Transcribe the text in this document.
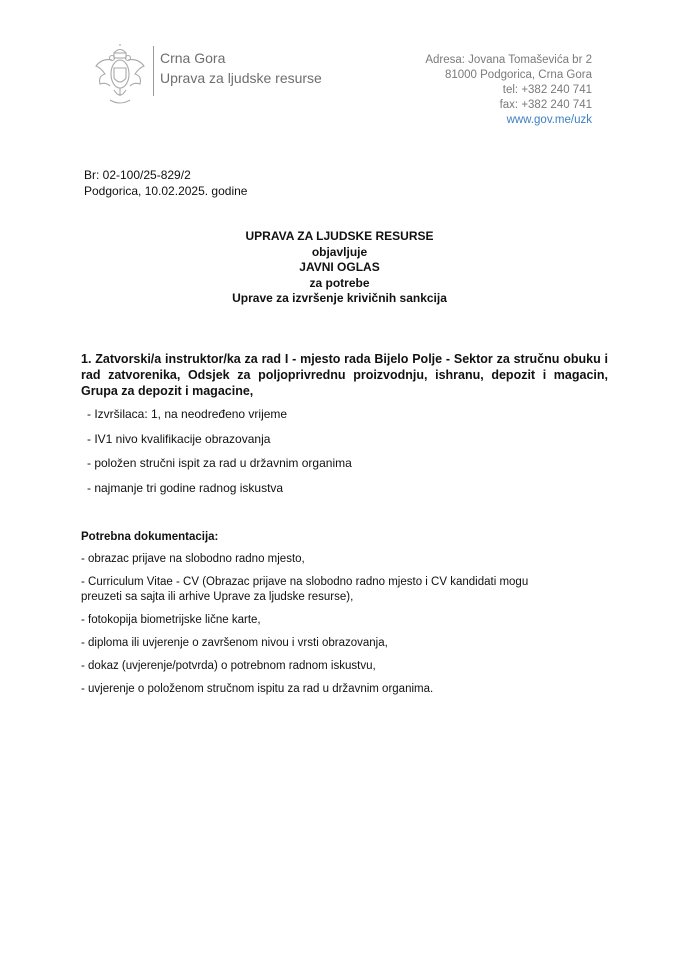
Crna Gora
Uprava za ljudske resurse
Adresa: Jovana Tomaševića br 2
81000 Podgorica, Crna Gora
tel: +382 240 741
fax: +382 240 741
www.gov.me/uzk
Br: 02-100/25-829/2
Podgorica, 10.02.2025. godine
UPRAVA ZA LJUDSKE RESURSE
objavljuje
JAVNI OGLAS
za potrebe
Uprave za izvršenje krivičnih sankcija
1. Zatvorski/a instruktor/ka za rad I - mjesto rada Bijelo Polje - Sektor za stručnu obuku i rad zatvorenika, Odsjek za poljoprivrednu proizvodnju, ishranu, depozit i magacin, Grupa za depozit i magacine,
- Izvršilaca: 1, na neodređeno vrijeme
- IV1 nivo kvalifikacije obrazovanja
- položen stručni ispit za rad u državnim organima
- najmanje tri godine radnog iskustva
Potrebna dokumentacija:
- obrazac prijave na slobodno radno mjesto,
- Curriculum Vitae - CV (Obrazac prijave na slobodno radno mjesto i CV kandidati mogu preuzeti sa sajta ili arhive Uprave za ljudske resurse),
- fotokopija biometrijske lične karte,
- diploma ili uvjerenje o završenom nivou i vrsti obrazovanja,
- dokaz (uvjerenje/potvrda) o potrebnom radnom iskustvu,
- uvjerenje o položenom stručnom ispitu za rad u državnim organima.
